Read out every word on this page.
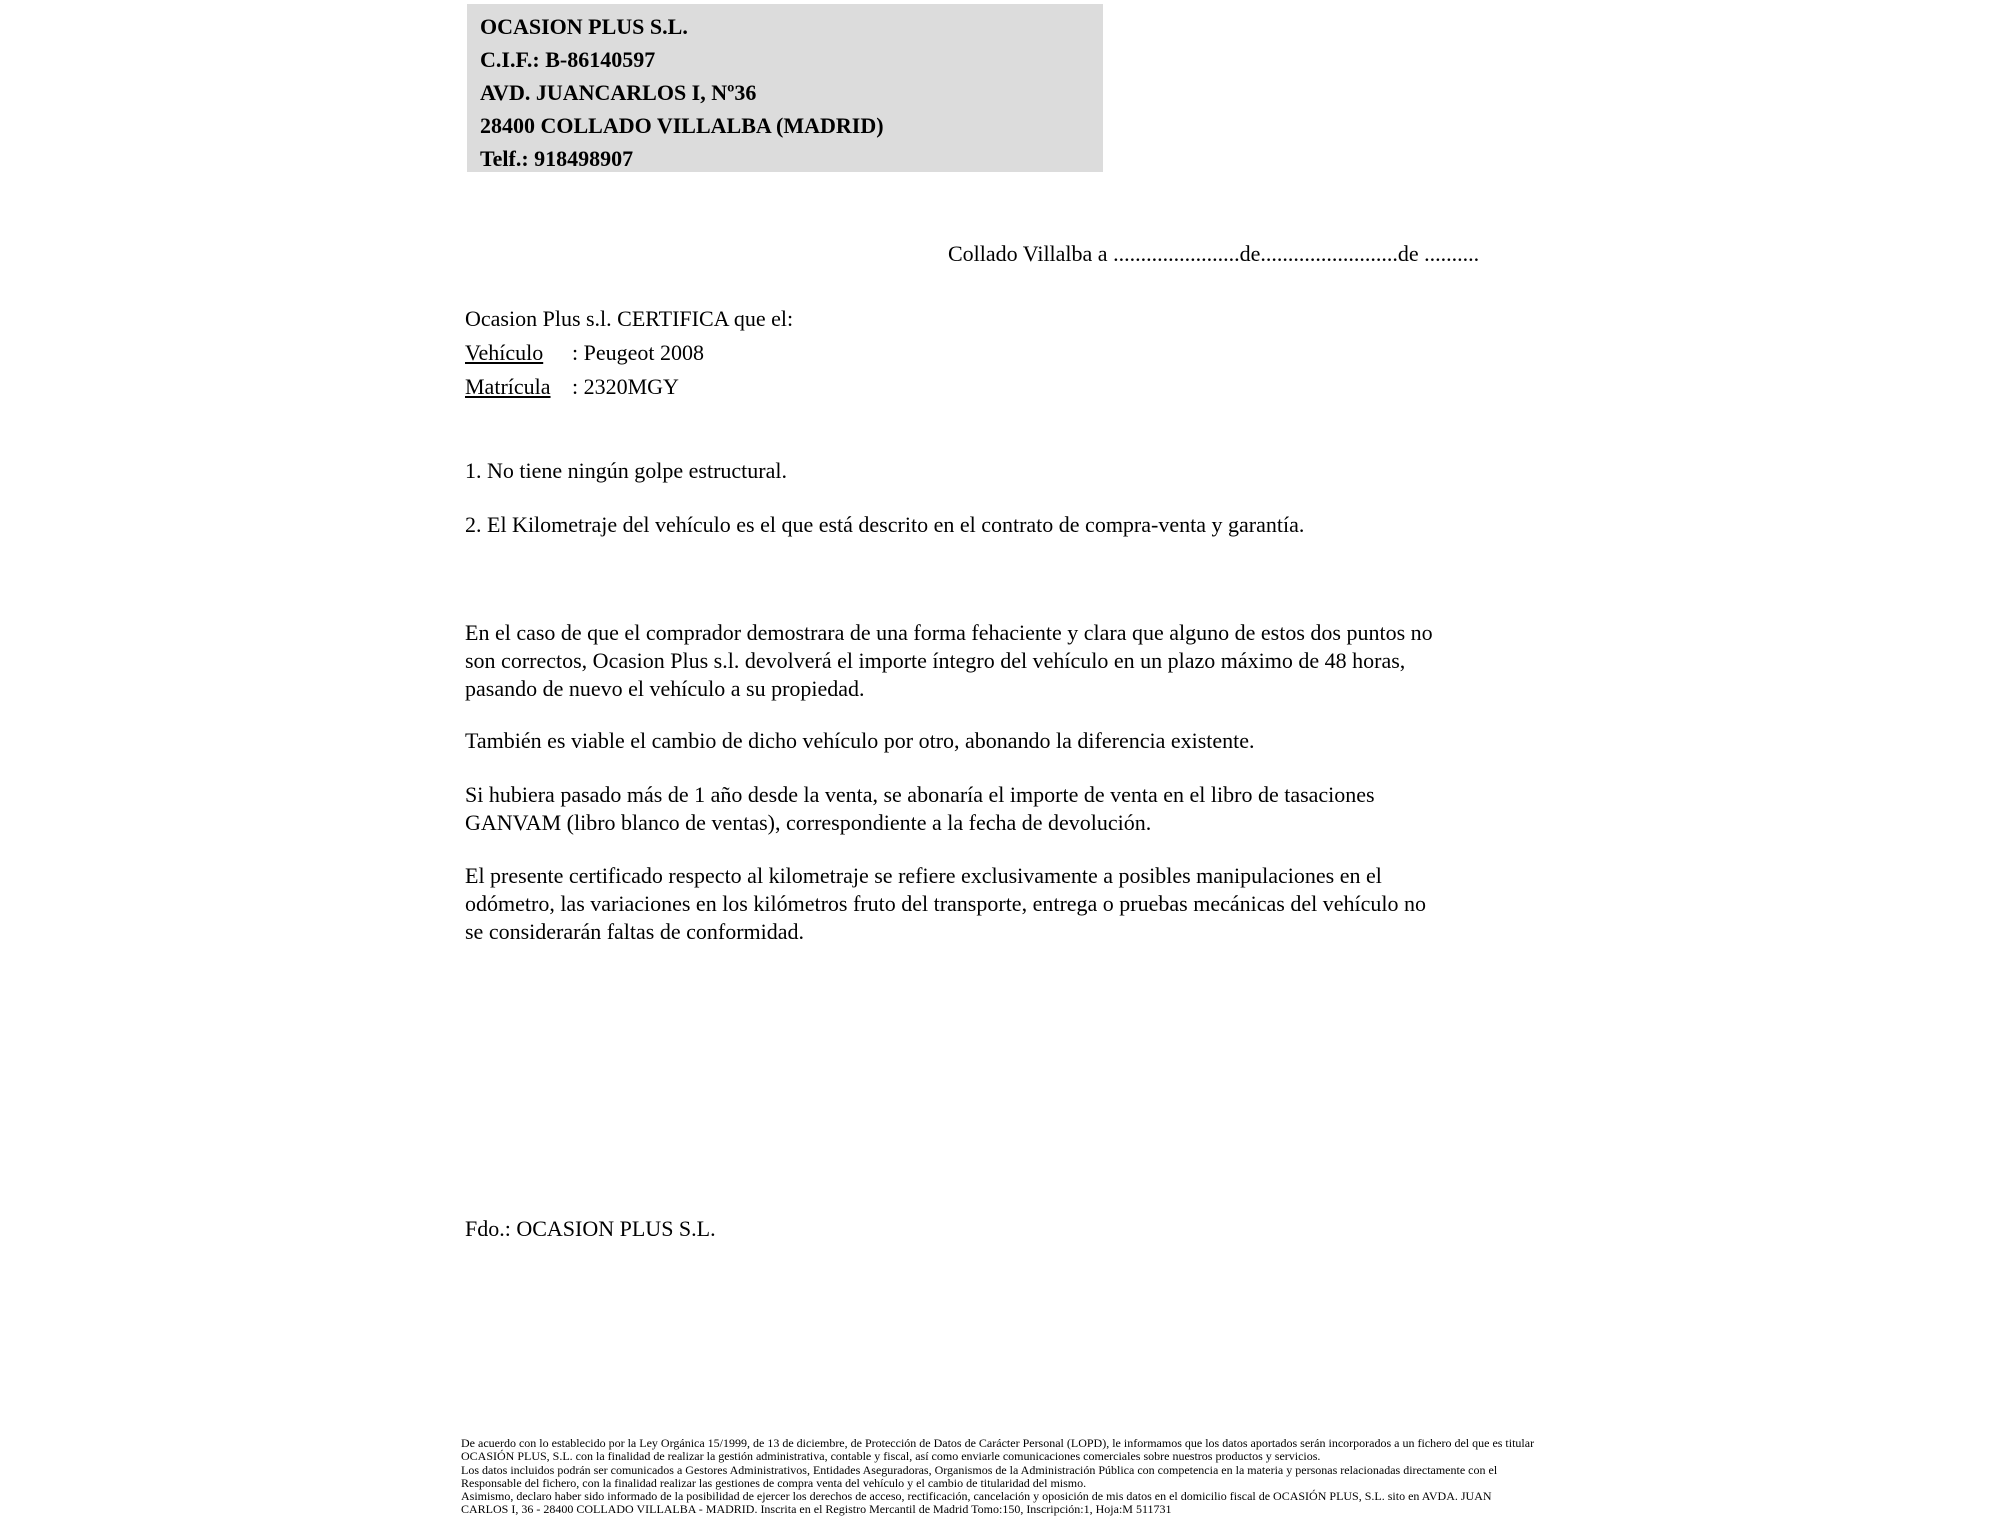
OCASION PLUS S.L.
C.I.F.: B-86140597
AVD. JUANCARLOS I, Nº36
28400 COLLADO VILLALBA (MADRID)
Telf.: 918498907
Collado Villalba a .......................de.........................de ..........
Ocasion Plus s.l. CERTIFICA que el:
Vehículo : Peugeot 2008
Matrícula : 2320MGY
1. No tiene ningún golpe estructural.
2. El Kilometraje del vehículo es el que está descrito en el contrato de compra-venta y garantía.
En el caso de que el comprador demostrara de una forma fehaciente y clara que alguno de estos dos puntos no
son correctos, Ocasion Plus s.l. devolverá el importe íntegro del vehículo en un plazo máximo de 48 horas,
pasando de nuevo el vehículo a su propiedad.
También es viable el cambio de dicho vehículo por otro, abonando la diferencia existente.
Si hubiera pasado más de 1 año desde la venta, se abonaría el importe de venta en el libro de tasaciones
GANVAM (libro blanco de ventas), correspondiente a la fecha de devolución.
El presente certificado respecto al kilometraje se refiere exclusivamente a posibles manipulaciones en el
odómetro, las variaciones en los kilómetros fruto del transporte, entrega o pruebas mecánicas del vehículo no
se considerarán faltas de conformidad.
Fdo.: OCASION PLUS S.L.
De acuerdo con lo establecido por la Ley Orgánica 15/1999, de 13 de diciembre, de Protección de Datos de Carácter Personal (LOPD), le informamos que los datos aportados serán incorporados a un fichero del que es titular
OCASIÓN PLUS, S.L. con la finalidad de realizar la gestión administrativa, contable y fiscal, así como enviarle comunicaciones comerciales sobre nuestros productos y servicios.
Los datos incluidos podrán ser comunicados a Gestores Administrativos, Entidades Aseguradoras, Organismos de la Administración Pública con competencia en la materia y personas relacionadas directamente con el
Responsable del fichero, con la finalidad realizar las gestiones de compra venta del vehículo y el cambio de titularidad del mismo.
Asimismo, declaro haber sido informado de la posibilidad de ejercer los derechos de acceso, rectificación, cancelación y oposición de mis datos en el domicilio fiscal de OCASIÓN PLUS, S.L. sito en AVDA. JUAN
CARLOS I, 36 - 28400 COLLADO VILLALBA - MADRID. Inscrita en el Registro Mercantil de Madrid Tomo:150, Inscripción:1, Hoja:M 511731
